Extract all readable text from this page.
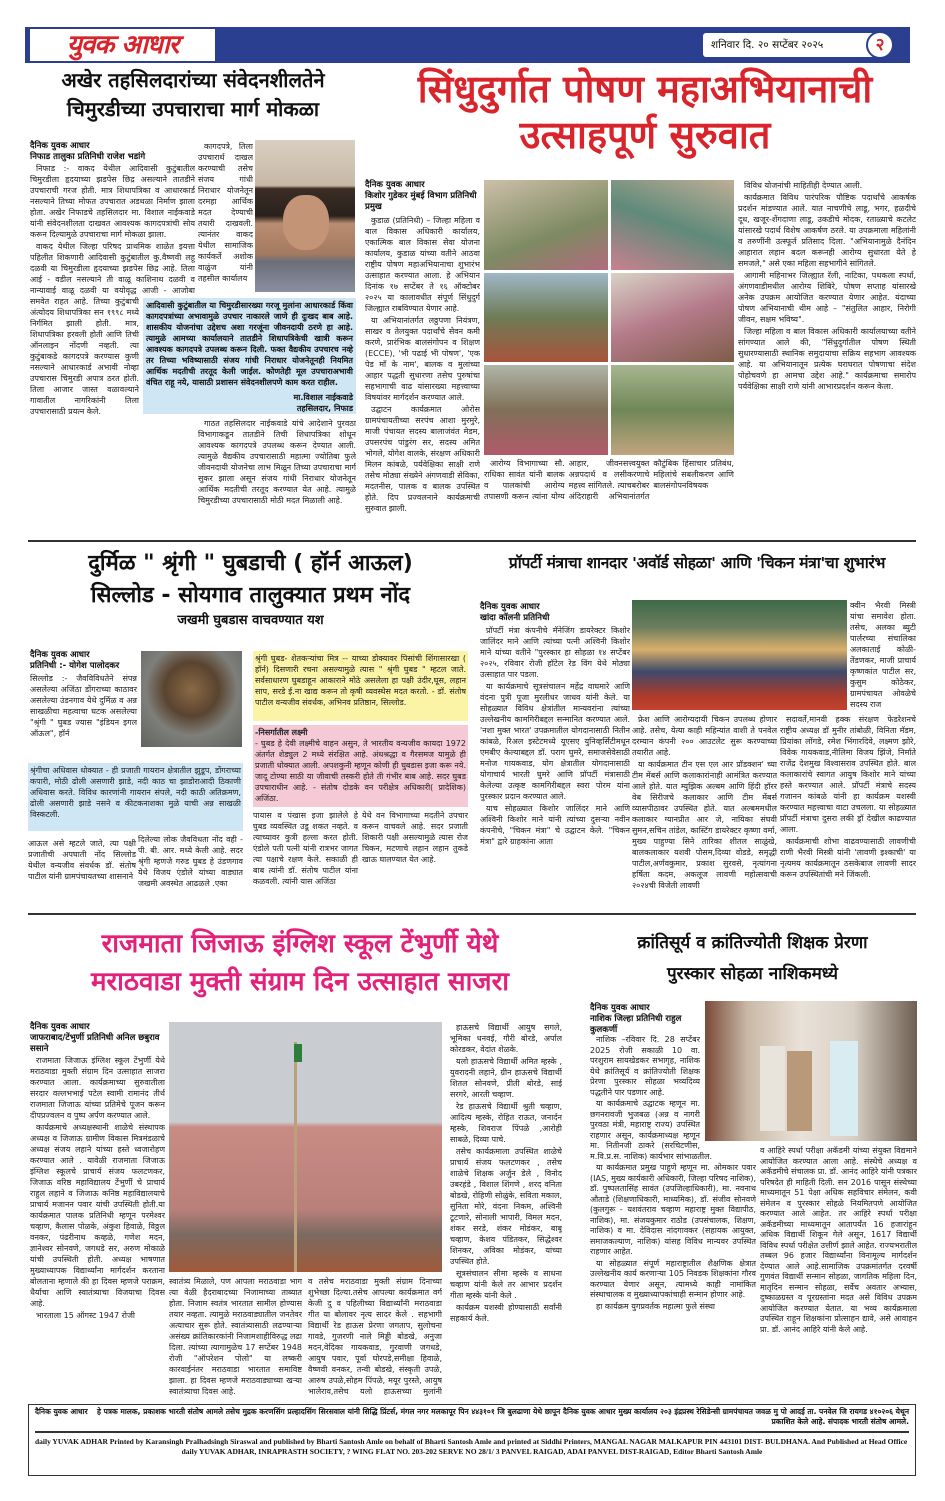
युवक आधार	शनिवार दि. २० सप्टेंबर २०२५	२
अखेर तहसिलदारांच्या संवेदनशीलतेने
चिमुरडीच्या उपचाराचा मार्ग मोकळा
दैनिक युवक आधार
निफाड तालुका प्रतिनिधी राजेश भडांगे

निफाड :- वाकद येथील आदिवासी कुटुंबातील चिमुरडीला हृदयाच्या झडपेस छिद्र असल्याने तातडीने उपचाराची गरज होती. मात्र शिधापत्रिका व आधारकार्ड नसल्याने तिच्या मोफत उपचारात अडथळा निर्माण झाला होता. अखेर निफाडचे तहसिलदार मा. विशाल नाईकवाडे यांनी संवेदनशीलता दाखवत आवश्यक कागदपत्रांची सोय करून दिल्यामुळे उपचाराचा मार्ग मोकळा झाला.

वाकद येथील जिल्हा परिषद प्राथमिक शाळेत इयत्ता पहिलीत शिकणारी आदिवासी कुटुंबातील कु.वैष्णवी लहू दळवी या चिमुरडीला हृदयाच्या झडपेस छिद्र आहे. तिला आई - वडील नसल्याने ती वाळू काशिनाथ दळवी व नान्यावाई वाळू दळवी या वयोवृद्ध आजी - आजोबा समवेत राहत आहे. तिच्या कुटुंबाची अंत्योदय शिधापत्रिका सन १९९८ मध्ये निर्गमित झाली होती. मात्र, शिधापत्रिका हरवली होती आणि तिची ऑनलाइन नोंदणी नव्हती. त्या कुटुंबाकडे कागदपत्रे करण्यास कुणी नसल्याने आधारकार्ड अभावी नोव्हा उपचारास चिमुरडी अपात्र ठरत होती. तिला आजार जास्त वळावल्याने गावातील नागरिकांनी तिला उपचारासाठी प्रयत्न केले.

कागदपत्रे, तिला उपचारार्थ दाखल करण्याची तसेच संजय गांधी निराधार योजनेतून दरमहा आर्थिक मदत देण्याची तयारी दाखवली. त्यानंतर वाकद येथील सामाजिक कार्यकर्ते अशोक वाळुंज यांनी तहसील कार्यालय

आदिवासी कुटुंबातील या चिमुरडीसारख्या गरजू मुलांना आधारकार्ड किंवा कागदपत्रांच्या अभावामुळे उपचार नाकारले जाणे ही दुःखद बाब आहे. शासकीय योजनांचा उद्देशच अशा गरजूंना जीवनदायी ठरणे हा आहे. त्यामुळे आमच्या कार्यालयाने तातडीने शिधापत्रिकेची खात्री करून आवश्यक कागदपत्रे उपलब्ध करून दिली. फक्त वैद्यकीय उपचारच नव्हे तर तिच्या भविष्यासाठी संजय गांधी निराधार योजनेतूनही नियमित आर्थिक मदतीची तरतूद केली जाईल. कोणतेही मूल उपचाराअभावी वंचित राहू नये, यासाठी प्रशासन संवेदनशीलपणे काम करत राहील.
मा.विशाल नाईकवाडे
तहसिलदार, निफाड

गाठत तहसिलदार नाईकवाडे यांचे आदेशाने पुरवठा विभागाकडून तातडीने तिची शिधापत्रिका शोधून आवश्यक कागदपत्रे उपलब्ध करून देण्यात आली. त्यामुळे वैद्यकीय उपचारासाठी महात्मा ज्योतिबा फुले जीवनदायी योजनेचा लाभ मिळून तिच्या उपचाराचा मार्ग सुकर झाला असून संजय गांधी निराधार योजनेतून आर्थिक मदतीची तरतूद करण्यात येत आहे. त्यामुळे चिमुरडीच्या उपचारासाठी मोठी मदत मिळाली आहे.

सिंधुदुर्गात पोषण महाअभियानाची
उत्साहपूर्ण सुरुवात
दैनिक युवक आधार
किशोर गुडेकर मुंबई विभाग प्रतिनिधी प्रमुख

कुडाळ (प्रतिनिधी) – जिल्हा महिला व बाल विकास अधिकारी कार्यालय, एकात्मिक बाल विकास सेवा योजना कार्यालय, कुडाळ यांच्या वतीने आठवा राष्ट्रीय पोषण महाअभियानाचा शुभारंभ उत्साहात करण्यात आला. हे अभियान दिनांक १७ सप्टेंबर ते १६ ऑक्टोबर २०२५ या कालावधीत संपूर्ण सिंधुदुर्ग जिल्ह्यात राबविण्यात येणार आहे.

या अभियानांतर्गत लठ्ठपणा नियंत्रण, साखर व तेलयुक्त पदार्थांचे सेवन कमी करणे, प्रारंभिक बालसंगोपन व शिक्षण (ECCE), 'भी पढाई भी पोषण', 'एक पेड माँ के नाम', बालक व मुलांच्या आहार पद्धती सुधारणा तसेच पुरुषांचा सहभागाची वाढ यांसारख्या महत्त्वाच्या विषयांवर मार्गदर्शन करण्यात आले.

उद्घाटन कार्यक्रमात ओरोस ग्रामपंचायतीच्या सरपंच आशा मुरमुरे, माजी पंचायत सदस्य बालाजंवंत मेडम, उपसरपंच पांडुरंग सर, सदस्य अमित भोगले, योगेश वालके, संरक्षण अधिकारी मिलन कांबळे, पर्यवेक्षिका साक्षी राणे तसेच मोठ्या संख्येने अंगणवाडी सेविका, मदतनीस, पालक व बालक उपस्थित होते. दिप प्रज्वलनाने कार्यक्रमाची सुरुवात झाली.

आरोग्य विभागाच्या सौ. राधिका सावंत यांनी बालक व पालकांची आरोग्य तपासणी करून त्यांना योग्य आहार, जीवनसत्त्वयुक्त अन्नपदार्थ व लसीकरणाचे महत्त्व सांगितले. त्याचबरोबर अंदिराहारी अभियानांतर्गत कौटुंबिक हिंसाचार प्रतिबंध, महिलांचे सबलीकरण आणि बालसंगोपनविषयक

विविध योजनांची माहितीही देण्यात आली.

कार्यक्रमात विविध पारंपरिक पौष्टिक पदार्थांचे आकर्षक प्रदर्शन मांडण्यात आले. यात नाचणीचे लाडू, भगर, हळदीचे दूध, खजूर-शेंगदाणा लाडू, उकडीचे मोदक, रताळ्याचे कटलेट यांसारखे पदार्थ विशेष आकर्षण ठरले. या उपक्रमाला महिलांनी व तरुणींनी उत्स्फूर्त प्रतिसाद दिला. "अभियानामुळे दैनंदिन आहारात लहान बदल करूनही आरोग्य सुधारता येते हे समजले," असे एका महिला सहभागीने सांगितले.

आगामी महिनाभर जिल्ह्यात रॅली, नाटिका, पथकला स्पर्धा, अंगणवाडीमधील आरोग्य शिबिरे, पोषण सप्ताह यांसारखे अनेक उपक्रम आयोजित करण्यात येणार आहेत. यंदाच्या पोषण अभियानाची थीम आहे – "संतुलित आहार, निरोगी जीवन, सक्षम भविष्य".

जिल्हा महिला व बाल विकास अधिकारी कार्यालयाच्या वतीने सांगण्यात आले की, "सिंधुदुर्गातील पोषण स्थिती सुधारण्यासाठी स्थानिक समुदायाचा सक्रिय सहभाग आवश्यक आहे. या अभियानातून प्रत्येक घराघरात पोषणाचा संदेश पोहोचवणे हा आमचा उद्देश आहे." कार्यक्रमाचा समारोप पर्यवेक्षिका साक्षी राणे यांनी आभारप्रदर्शन करून केला.

दुर्मिळ " श्रृंगी " घुबडाची ( हॉर्न आऊल)
सिल्लोड - सोयगाव तालुक्यात प्रथम नोंद
जखमी घुबडास वाचवण्यात यश
दैनिक युवक आधार
प्रतिनिधी :- योगेश पालोदकर
सिल्लोड :- जैवविविधतेने संपन्न असलेल्या अजिंठा डोंगराच्या काठावर असलेल्या उंडनगाव येथे दुर्मिळ व अन्न साखळीचा महत्वाचा घटक असलेल्या "श्रृंगी " घुबड ज्यास "इंडियन इगल ऑऊल", हॉर्न
श्रृंगीचा अधिवास धोक्यात - ही प्रजाती गायरान क्षेत्रातील झुडूप, डोंगराच्या कपारी, मोठी ढोली असणारी झाडे, नदी काठ चा झाडोराआदी ठिकाणी अधिवास करते. विविध कारणांनी गायरान संपले, नदी काठी अतिक्रमण, ढोली असणारी झाडे नसने व कीटकनाशका मुळे याची अन्न साखळी विस्कटली.
आऊल असे म्हटले जाते, त्या पक्षी प्रजातीची अपघाती नोंद सिल्लोड येथील वन्यजीव संवर्धक डॉ. संतोष पाटील यांनी ग्रामपंचायतच्या शासनाने
दिलेल्या लोक जैवविधता नोंद वही - पी. बी. आर. मध्ये केली आहे. सदर श्रृंगी म्हणजे गरुड घुबड हे उंडणगाव येथे विजय एंडोले यांच्या वाड्यात जखमी अवस्थेत आढळले .एका
श्रृंगी घुबड- शेतकऱ्यांचा मित्र -- याच्या डोक्यावर पिसांची शिंगासारखा ( हॉर्न) दिसणारी रचना असल्यामुळे त्यास " श्रृंगी घुबड " म्हटल जाते. सर्वसाधारण घुबडाहून आकाराने मोठे असलेला हा पक्षी उंदीर,घूस, लहान साप, सरडे ई.ना खाद्य करून तो कृषी व्यवस्थेस मदत करतो. - डॉ. संतोष पाटील वन्यजीव संवर्धक, अभिनव प्रतिष्ठान, सिल्लोड.
-निसर्गातील लक्ष्मी
- घुबड हे देवी लक्ष्मीचे वाहन असुन, ते भारतीय वन्यजीव कायदा 1972 अंतर्गत शेड्युल 2 मध्ये संरक्षित आहे. अंधश्रद्धा व गैरसमज यामुळे ही प्रजाती धोक्यात आली. अपशकुनी म्हणून कोणी ही घुबडास इजा करू नये. जादू टोण्या साठी या जीवाची तस्करी होते ती गंभीर बाब आहे. सदर घुबड उपचाराधीन आहे. - संतोष दोडके वन परीक्षेत्र अधिकारी( प्रादेशिक) अजिंठा.
पायास व पंखास इजा झालेले हे घुबड व्यवस्थित उडू शकत नव्हते. व त्याच्यावर कुत्री हल्ला करत होती. एंडोले पती पत्नी यांनी रात्रभर जागत त्या पक्षाचे रक्षण केले. सकाळी ही बाब त्यांनी डॉ. संतोष पाटील यांना कळवली. त्यांनी यास अजिंठा
येथे वन विभागाच्या मदतीने उपचार करून वाचवले आहे. सदर प्रजाती शिकारी पक्षी असल्यामुळे त्यास रोज चिकन, मटणाचे लहान लहान तुकडे खाऊ घालण्यात येत आहे.
प्रॉपर्टी मंत्राचा शानदार 'अवॉर्ड सोहळा' आणि 'चिकन मंत्रा'चा शुभारंभ
दैनिक युवक आधार
खांदा कॉलनी प्रतिनिधी

प्रॉपर्टी मंत्रा कंपनीचे मॅनेजिंग डायरेक्टर किशोर जालिंदर माने आणि त्यांच्या पत्नी अश्विनी किशोर माने यांच्या वतीने "पुरस्कार हा सोहळा १४ सप्टेंबर २०२५, रविवार रोजी हॉटेल रेड विंग येथे मोठ्या उत्साहात पार पडला.

या कार्यक्रमाचे सूत्रसंचालन महेंद्र वाघमारे आणि वंदना पुत्री पूजा मुरलीधर जाधव यांनी केले. या सोहळ्यात विविध क्षेत्रांतील मान्यवरांना त्यांच्या उल्लेखनीय कामगिरीबद्दल सन्मानित करण्यात आले. 'नशा मुक्त भारत' उपक्रमातील योगदानासाठी नितीन कांबळे, रिअल इस्टेटमध्ये यूएसए युनिव्हर्सिटीमधून एमबीए केल्याबद्दल डॉ. पराग घुमरे, समाजसेवेसाठी मनोज गायकवाड, योग क्षेत्रातील योगदानासाठी योगाचार्य भारती घुमरे आणि प्रॉपर्टी मंत्रासाठी केलेल्या उत्कृष्ट कामगिरीबद्दल स्वरा पोरम यांना पुरस्कार प्रदान करण्यात आले.

याच सोहळ्यात किशोर जालिंदर माने आणि अश्विनी किशोर माने यांनी त्यांच्या दुसऱ्या नवीन कंपनीचे, "चिकन मंत्रा" चे उद्घाटन केले. "चिकन मंत्रा" द्वारे ग्राहकांना आता

क्वीन भैरवी मिस्त्री यांचा समावेश होता. तसेच, अलका ब्युटी पार्लरच्या संचालिका अलकाताई कोळी-तेंडणकर, माजी प्राचार्य कृष्णकांत पाटील सर, कुसुम कोठेकर, ग्रामपंचायत ओवळेचे सदस्य राज

फ्रेश आणि आरोग्यदायी चिकन उपलब्ध होणार आहे. तसेच, येत्या काही महिन्यांत वाशी ते पनवेल दरम्यान कंपनी २०० आउटलेट सुरू करण्याच्या तयारीत आहे.

या कार्यक्रमात टीन एस एल आर प्रॉडक्शन' च्या टीम मेंबर्स आणि कलाकारांनाही आमंत्रित करण्यात आले होते. यात म्युझिक अल्बम आणि हिंदी हॉरर वेब सिरीजचे कलाकार आणि टीम मेंबर्स व्यासपीठावर उपस्थित होते. यात अल्बममधील कलाकार ग्यानप्रीत आर जे, नायिका संघवी सुमन,सचिन तांडेल, कास्टिंग डायरेक्टर कृष्णा वर्मा, मुख्य पाहुण्या सिने तारिका शीतल साळुंखे, बालकलाकार यशवी पोसम,दिव्या वोडडे, समृद्धी पाटील,अर्णवकुमार, प्रकाश सुरवसे, नृत्यांगना हर्षिता कदम, अकलूज लावणी महोत्सवाची २०२४ची विजेती लावणी

सदावर्ते,मानवी हक्क संरक्षण फेडरेशनचे राष्ट्रीय अध्यक्ष डॉ मुनीर तांबोळी, विनिता मॅडम, प्रियांका लोंगडे, रमेश भिंगारदिवे, लक्ष्मण झोरे, विवेक गायकवाड,नीलिमा विजय झिंजे, निर्माते राजेंद्र देशमुख विश्वासराव उपस्थित होते. बाल कलाकारांचे स्वागत आयुष किशोर माने यांच्या हस्ते करण्यात आले. प्रॉपर्टी मंत्राचे सदस्य गजानन कांबळे यांनी हा कार्यक्रम यशस्वी करण्यात महत्त्वाचा वाटा उचलला. या सोहळ्यात प्रॉपर्टी मंत्राचा दुसरा लकी ड्रॉ देखील काढण्यात आला.

कार्यक्रमाची शोभा वाढवण्यासाठी लावणीची राणी भैरवी मिस्त्री यांनी 'लावणी इश्काची' या नृत्यमय कार्यक्रमातून ठसकेबाज लावणी सादर करून उपस्थितांची मने जिंकली.

राजमाता जिजाऊ इंग्लिश स्कूल टेंभुर्णी येथे
मराठवाडा मुक्ती संग्राम दिन उत्साहात साजरा
दैनिक युवक आधार
जाफराबाद/टेंभुर्णी प्रतिनिधी अनिल छबुराव ससाने

राजमाता जिजाऊ इंग्लिश स्कूल टेंभुर्णी येथे मराठवाडा मुक्ती संग्राम दिन उत्साहात साजरा करण्यात आला. कार्यक्रमाच्या सुरुवातीला सरदार वल्लभभाई पटेल स्वामी रामानंद तीर्थ राजमाता जिजाऊ यांच्या प्रतिमेचे पूजन करून दीपप्रज्वलन व पुष्प अर्पण करण्यात आले.

कार्यक्रमाचे अध्यक्षस्थानी शाळेचे संस्थापक अध्यक्ष व जिजाऊ ग्रामीण विकास मित्रमंडळाचे अध्यक्ष संजय लहाने यांच्या हस्ते ध्वजारोहण करण्यात आले . यावेळी राजमाता जिजाऊ इंग्लिश स्कूलचे प्राचार्य संजय फलटणकर, जिजाऊ वरिष्ठ महाविद्यालय टेंभुर्णी चे प्राचार्य राहुल लहाने व जिजाऊ कनिष्ठ महाविद्यालयाचे प्राचार्य मजानन पवार यांची उपस्थिती होती.या कार्यक्रमात पालक प्रतिनिधी म्हणून परमेश्वर चव्हाण, कैलास पोळके, अंकुश हिवाळे, विठ्ठल वनकर, पंढरीनाथ कव्हळे, गणेश मदन, ज्ञानेश्वर सोनवणे, जगधडे सर, अरुण मोकाळे यांची उपस्थिती होती. अध्यक्ष भाषणात मुख्याध्यापक विद्यार्थ्यांना मार्गदर्शन करताना बोलताना म्हणाले की हा दिवस म्हणजे पराक्रम, धैर्याचा आणि स्वातंत्र्याचा विजयाचा दिवस आहे.

भारताला 15 ऑगस्ट 1947 रोजी

स्वातंत्र्य मिळाले, पण आपला मराठवाडा भाग त्या वेळी हैदराबादच्या निजामाच्या ताब्यात होता. निजाम स्वतंत्र भारतात सामील होण्यास तयार नव्हता. त्यामुळे मराठवाड्यातील जनतेवर अत्याचार सुरू होते. स्वातंत्र्यासाठी लढण्याऱ्या असंख्य क्रांतिकारकांनी निजामशाहीविरुद्ध लढा दिला. त्यांच्या त्यागामुळेच 17 सप्टेंबर 1948 रोजी "ऑपरेशन पोलो" या लष्करी कारवाईनंतर मराठवाडा भारतात समाविष्ट झाला. हा दिवस म्हणजे मराठवाड्याच्या खऱ्या स्वातंत्र्याचा दिवस आहे.
व तसेच मराठवाडा मुक्ती संग्राम दिनाच्या शुभेच्छा दिल्या.तसेच आपल्या कार्यक्रमात वर्ग केजी दु व पहिलीच्या विद्यार्थ्यांनी मराठवाडा गीत या बोलावर नृत्य सादर केले . सहभागी विद्यार्थी रेड हाऊस प्रेरणा जगताप, सुलोचना गावडे, गुजरणी नाले मिड्डी बोडखे, अनुजा मदन,वेदिका गायकवाड, गुरवाणी जगधडे, आयुष पवार, पूर्वा घोरपडे,समीक्षा हिवाळे, वैष्णवी वनकर, तन्वी बोडखे, संस्कृती उपळे, आरुष उपळे,सोहम पिंपळे, मयूर पुरस्ते, आयुष भालेराव,तसेच यलो हाऊसच्या मुलांनी

हाऊसचे विद्यार्थी आयुष सगले, भूमिका धनवई, गौरी बोरडे, अर्पाल कोरडकर, वेदांत शेळके.

यलो हाऊसचे विद्यार्थी अमित म्हस्के , युवरादनी लहाने, ग्रीन हाऊसचे विद्यार्थी शितल सोनवणे, प्रीती बोरडे, साई सरगरे, आरती चव्हाण.

रेड हाऊसचे विद्यार्थी श्रुती चव्हाण, आदित्य म्हस्के, रोहित राऊत, जनार्दन म्हस्के, शिवराज पिंपळे ,आरोही साबळे, दिव्या पाचे.

तसेच कार्यक्रमाला उपस्थित शाळेचे प्राचार्य संजय फलटणकर , तसेच शाळेचे शिक्षक अर्जुन डेले , विनोद उबरहंडे , विशाल शिंगणे , शरद वनिता बोडखे, रोहिणी सोळुंके, सविता मकाल, सुनिता मोरे, वंदना निकम, अश्विनी टूटणारे, सोनाली भापारी, विमल मदन, शंकर सरडे, शंकर मोडंकर, बाबू चव्हाण, केशव पंडितकर, सिद्धेश्वर शिनकर, अविका मोडंकर, यांच्या उपस्थित होते.

सूत्रसंचालन सीमा म्हस्के व साधना चव्हाण यांनी केले तर आभार प्रदर्शन गीता म्हस्के यांनी केले .

कार्यक्रम यशस्वी होण्यासाठी सर्वांनी सहकार्य केले.

क्रांतिसूर्य व क्रांतिज्योती शिक्षक प्रेरणा
पुरस्कार सोहळा नाशिकमध्ये
दैनिक युवक आधार
नाशिक जिल्हा प्रतिनिधी राहुल कुलकर्णी

नाशिक –रविवार दि. 28 सप्टेंबर 2025 रोजी सकाळी 10 वा. परशुराम सायखेडकर सभागृह, नाशिक येथे क्रांतिसूर्य व क्रांतिज्योती शिक्षक प्रेरणा पुरस्कार सोहळा भव्यदिव्य पद्धतीने पार पडणार आहे.

या कार्यक्रमाचे उद्घाटक म्हणून मा. छगनरावजी भुजबळ (अन्न व नागरी पुरवठा मंत्री, महाराष्ट्र राज्य) उपस्थित राहणार असून, कार्यक्रमाध्यक्ष म्हणून मा. नितीनजी ठाकरे (सरचिटणीस, म.वि.प्र.स. नाशिक) कार्यभार सांभाळतील.

या कार्यक्रमात प्रमुख पाहुणे म्हणून मा. ओमकार पवार (IAS, मुख्य कार्यकारी अधिकारी, जिल्हा परिषद नाशिक), डॉ. पुष्पलतासिंह सावंत (उपजिल्हाधिकारी), मा. नवनाथ औताडे (शिक्षणाधिकारी, माध्यमिक), डॉ. संजीव सोनवणे (कुलगुरू - यशवंतराव चव्हाण महाराष्ट्र मुक्त विद्यापीठ, नाशिक), मा. संजयकुमार राठोड (उपसंचालक, शिक्षण, नाशिक) व मा. देविदास नांदगावकर (सहायक आयुक्त, समाजकल्याण, नाशिक) यांसह विविध मान्यवर उपस्थित राहणार आहेत.

या सोहळ्यात संपूर्ण महाराष्ट्रातील शैक्षणिक क्षेत्रात उल्लेखनीय कार्य करणाऱ्या 105 निवडक शिक्षकांना गौरव करण्यात येणार असून, त्यामध्ये काही नामांकित संस्थाचालक व मुख्याध्यापकांचाही सन्मान होणार आहे.

हा कार्यक्रम युगप्रवर्तक महात्मा फुले संस्था

व आहिरे स्पर्धा परीक्षा अकॅडमी यांच्या संयुक्त विद्यमाने आयोजित करण्यात आला आहे. संस्थेचे अध्यक्ष व अकॅडमीचे संचालक प्रा. डॉ. आनंद आहिरे यांनी पत्रकार परिषदेत ही माहिती दिली. सन 2016 पासून संस्थेच्या माध्यमातून 51 पेक्षा अधिक सहविचार संमेलन, कवी संमेलन व पुरस्कार सोहळे नियमितपणे आयोजित करण्यात आले आहेत. तर आहिरे स्पर्धा परीक्षा अकॅडमीच्या माध्यमातून आतापर्यंत 16 हजारांहून अधिक विद्यार्थी शिकून गेले असून, 1617 विद्यार्थी विविध स्पर्धा परीक्षेत उत्तीर्ण झाले आहेत. राज्यभरातील तब्बल 96 हजार विद्यार्थ्यांना विनामूल्य मार्गदर्शन देण्यात आले आहे.सामाजिक उपक्रमांतर्गत दरवर्षी गुणवंत विद्यार्थी सन्मान सोहळा, जागतिक महिला दिन, मातृदिन सन्मान सोहळा, सर्वेच अवतार अभ्यास, दुष्काळग्रस्त व पूरग्रस्तांना मदत असे विविध उपक्रम आयोजित करण्यात येतात. या भव्य कार्यक्रमाला उपस्थित राहून शिक्षकांना प्रोत्साहन द्यावे, असे आवाहन प्रा. डॉ. आनंद आहिरे यांनी केले आहे.
दैनिक युवक आधार हे पत्रक मालक, प्रकाशक भारती संतोष आमले तसेच मुद्रक करणसिंग प्रल्हादसिंग सिरसवाल यांनी सिद्धि प्रिंटर्स, मंगल नगर मलकापूर पिन ४४३१०१ जि बुलढाणा येथे छापून दैनिक युवक आधार मुख्य कार्यालय २०३ इंद्रप्रस्थ रेसिडेन्सी ग्रामपंचायत जवळ मु पो आदई ता. पनवेल जि रायगड ४१०२०६ येथून प्रकाशित केले आहे. संपादक भारती संतोष आमले.
daily YUVAK ADHAR Printed by Karansingh Pralhadsingh Siraswal and published by Bharti Santosh Amle on behalf of Bharti Santosh Amle and printed at Siddhi Printers, MANGAL NAGAR MALKAPUR PIN 443101 DIST- BULDHANA. And Published at Head Office daily YUVAK ADHAR, INRAPRASTH SOCIETY, ? WING FLAT NO. 203-202 SERVE NO 28/1/ 3 PANVEL RAIGAD, ADAI PANVEL DIST-RAIGAD, Editor Bharti Santosh Amle
